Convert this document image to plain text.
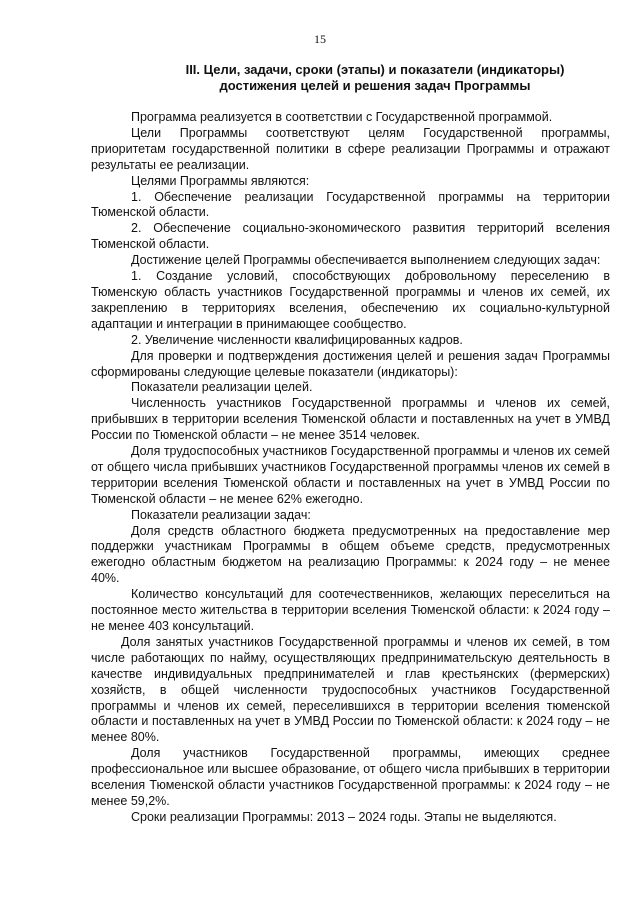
15
III. Цели, задачи, сроки (этапы) и показатели (индикаторы)
достижения целей и решения задач Программы

Программа реализуется в соответствии с Государственной программой.

Цели Программы соответствуют целям Государственной программы, приоритетам государственной политики в сфере реализации Программы и отражают результаты ее реализации.

Целями Программы являются:

1. Обеспечение реализации Государственной программы на территории Тюменской области.

2. Обеспечение социально-экономического развития территорий вселения Тюменской области.

Достижение целей Программы обеспечивается выполнением следующих задач:

1. Создание условий, способствующих добровольному переселению в Тюменскую область участников Государственной программы и членов их семей, их закреплению в территориях вселения, обеспечению их социально-культурной адаптации и интеграции в принимающее сообщество.

2. Увеличение численности квалифицированных кадров.

Для проверки и подтверждения достижения целей и решения задач Программы сформированы следующие целевые показатели (индикаторы):

Показатели реализации целей.

Численность участников Государственной программы и членов их семей, прибывших в территории вселения Тюменской области и поставленных на учет в УМВД России по Тюменской области – не менее 3514 человек.

Доля трудоспособных участников Государственной программы и членов их семей от общего числа прибывших участников Государственной программы членов их семей в территории вселения Тюменской области и поставленных на учет в УМВД России по Тюменской области – не менее 62% ежегодно.

Показатели реализации задач:

Доля средств областного бюджета предусмотренных на предоставление мер поддержки участникам Программы в общем объеме средств, предусмотренных ежегодно областным бюджетом на реализацию Программы: к 2024 году – не менее 40%.

Количество консультаций для соотечественников, желающих переселиться на постоянное место жительства в территории вселения Тюменской области: к 2024 году – не менее 403 консультаций.

Доля занятых участников Государственной программы и членов их семей, в том числе работающих по найму, осуществляющих предпринимательскую деятельность в качестве индивидуальных предпринимателей и глав крестьянских (фермерских) хозяйств, в общей численности трудоспособных участников Государственной программы и членов их семей, переселившихся в территории вселения тюменской области и поставленных на учет в УМВД России по Тюменской области: к 2024 году – не менее 80%.

Доля участников Государственной программы, имеющих среднее профессиональное или высшее образование, от общего числа прибывших в территории вселения Тюменской области участников Государственной программы: к 2024 году – не менее 59,2%.

Сроки реализации Программы: 2013 – 2024 годы. Этапы не выделяются.
